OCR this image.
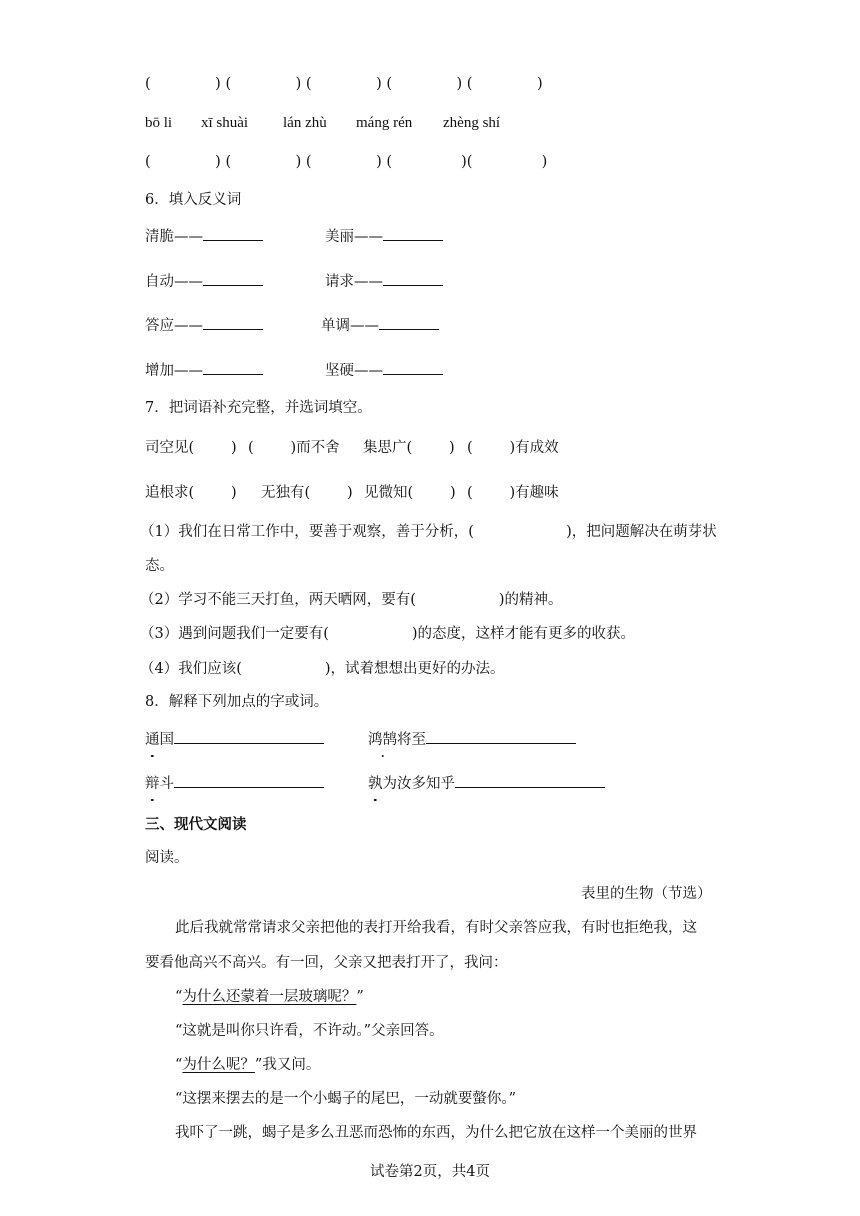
(              ) (              ) (              ) (              ) (              )
bō li xī shuài lán zhù máng rén zhèng shí
(              ) (              ) (              ) (               )(               )
6．填入反义词
清脆——	美丽——
自动——	请求——
答应——	单调——
增加——	坚硬——
7．把词语补充完整，并选词填空。
司空见(        ) (        )而不舍 集思广(        ) (        )有成效
追根求(        ) 无独有(        ) 见微知(        ) (        )有趣味
（1）我们在日常工作中，要善于观察，善于分析，(                    )，把问题解决在萌芽状
态。
（2）学习不能三天打鱼，两天晒网，要有(                  )的精神。
（3）遇到问题我们一定要有(                  )的态度，这样才能有更多的收获。
（4）我们应该(                  )，试着想想出更好的办法。
8．解释下列加点的字或词。
通国	鸿鹄将至
辩斗	孰为汝多知乎
三、现代文阅读
阅读。
表里的生物（节选）
此后我就常常请求父亲把他的表打开给我看，有时父亲答应我，有时也拒绝我，这
要看他高兴不高兴。有一回，父亲又把表打开了，我问：
“为什么还蒙着一层玻璃呢？”
“这就是叫你只许看，不许动。”父亲回答。
“为什么呢？”我又问。
“这摆来摆去的是一个小蝎子的尾巴，一动就要螫你。”
我吓了一跳，蝎子是多么丑恶而恐怖的东西，为什么把它放在这样一个美丽的世界
试卷第2页，共4页
